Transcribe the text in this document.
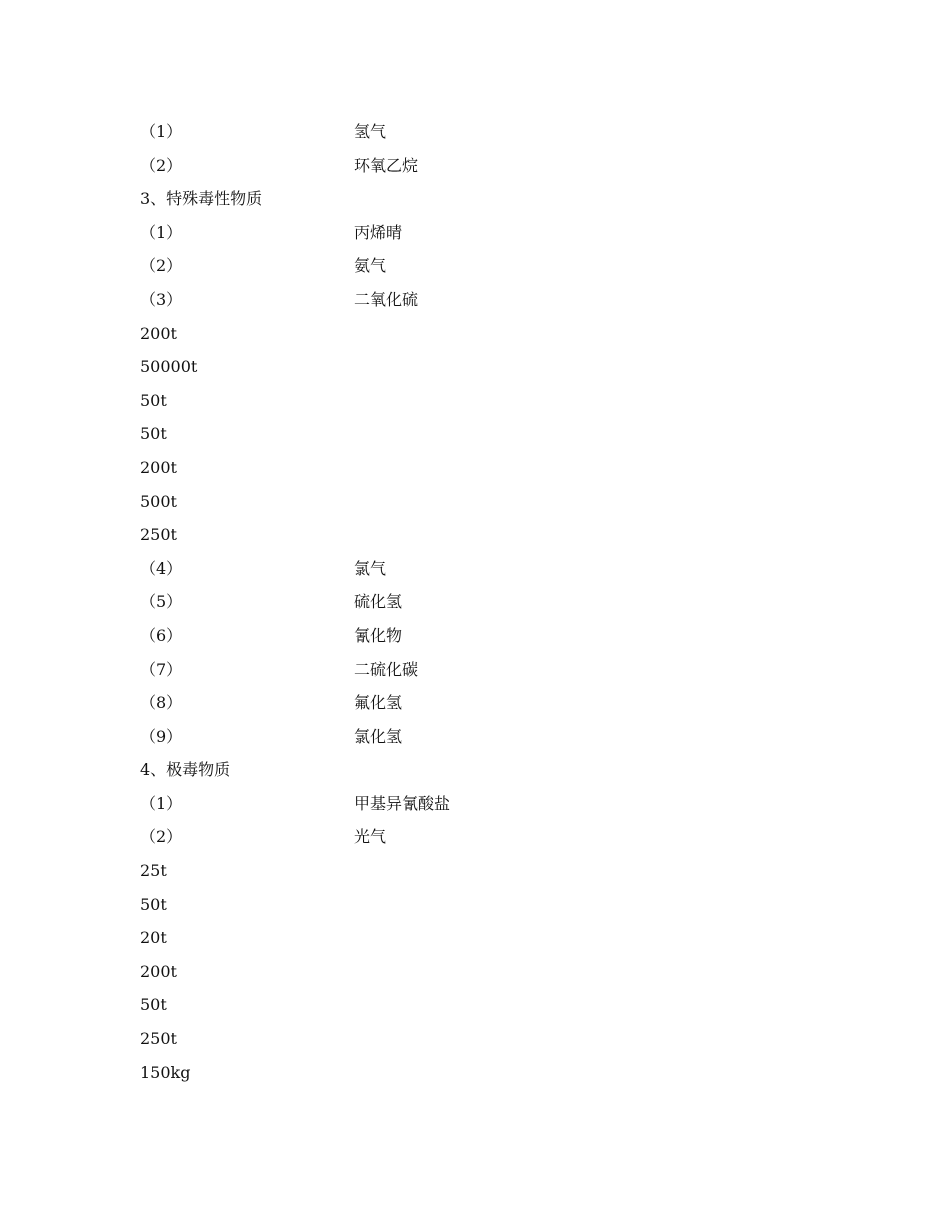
（1）	氢气
（2）	环氧乙烷
3、特殊毒性物质
（1）	丙烯晴
（2）	氨气
（3）	二氧化硫
200t
50000t
50t
50t
200t
500t
250t
（4）	氯气
（5）	硫化氢
（6）	氰化物
（7）	二硫化碳
（8）	氟化氢
（9）	氯化氢
4、极毒物质
（1）	甲基异氰酸盐
（2）	光气
25t
50t
20t
200t
50t
250t
150kg
